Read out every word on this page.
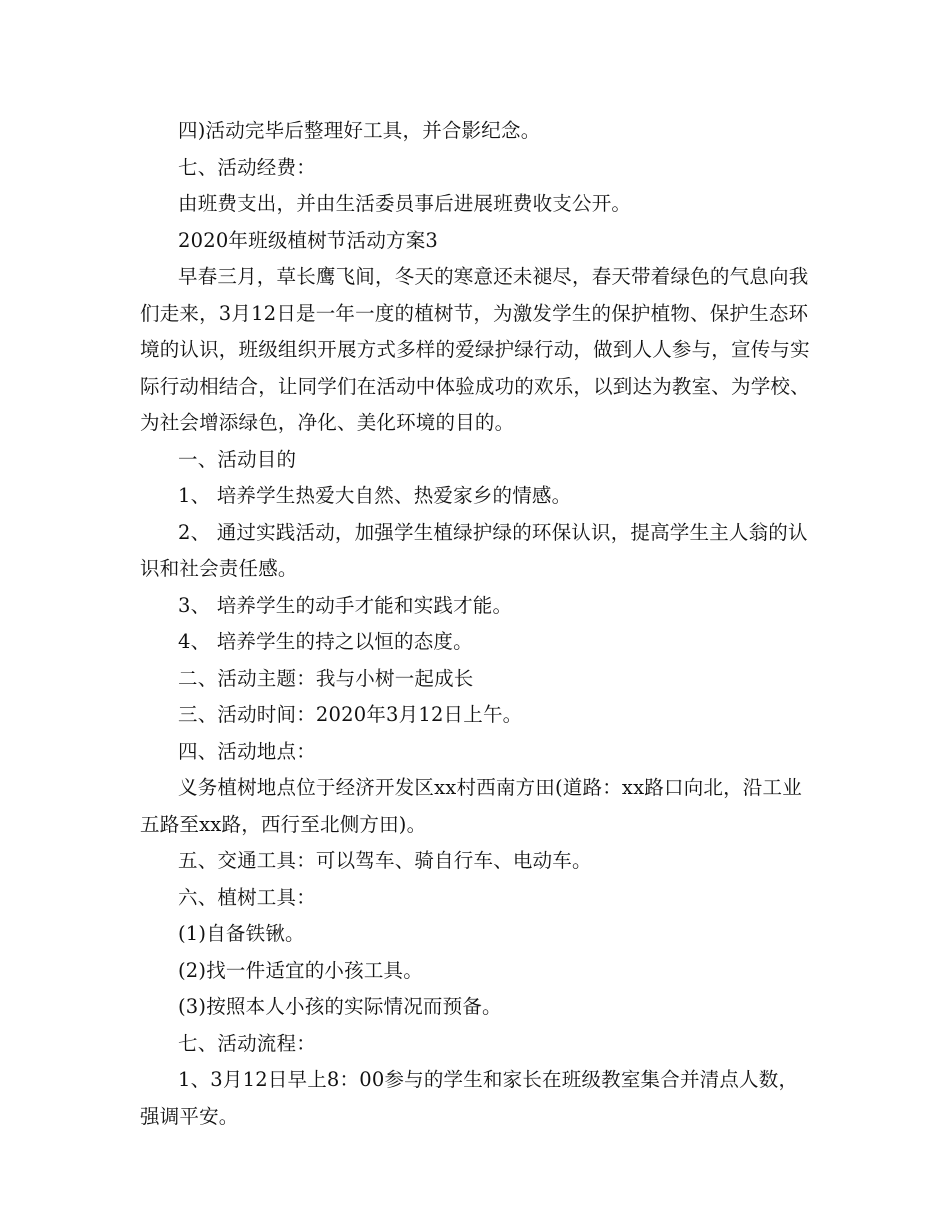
四)活动完毕后整理好工具，并合影纪念。

七、活动经费：

由班费支出，并由生活委员事后进展班费收支公开。

2020年班级植树节活动方案3

早春三月，草长鹰飞间，冬天的寒意还未褪尽，春天带着绿色的气息向我们走来，3月12日是一年一度的植树节，为激发学生的保护植物、保护生态环境的认识，班级组织开展方式多样的爱绿护绿行动，做到人人参与，宣传与实际行动相结合，让同学们在活动中体验成功的欢乐，以到达为教室、为学校、为社会增添绿色，净化、美化环境的目的。

一、活动目的

1、 培养学生热爱大自然、热爱家乡的情感。

2、 通过实践活动，加强学生植绿护绿的环保认识，提高学生主人翁的认识和社会责任感。

3、 培养学生的动手才能和实践才能。

4、 培养学生的持之以恒的态度。

二、活动主题：我与小树一起成长

三、活动时间：2020年3月12日上午。

四、活动地点：

义务植树地点位于经济开发区xx村西南方田(道路：xx路口向北，沿工业五路至xx路，西行至北侧方田)。

五、交通工具：可以驾车、骑自行车、电动车。

六、植树工具：

(1)自备铁锹。

(2)找一件适宜的小孩工具。

(3)按照本人小孩的实际情况而预备。

七、活动流程：

1、3月12日早上8：00参与的学生和家长在班级教室集合并清点人数，强调平安。
